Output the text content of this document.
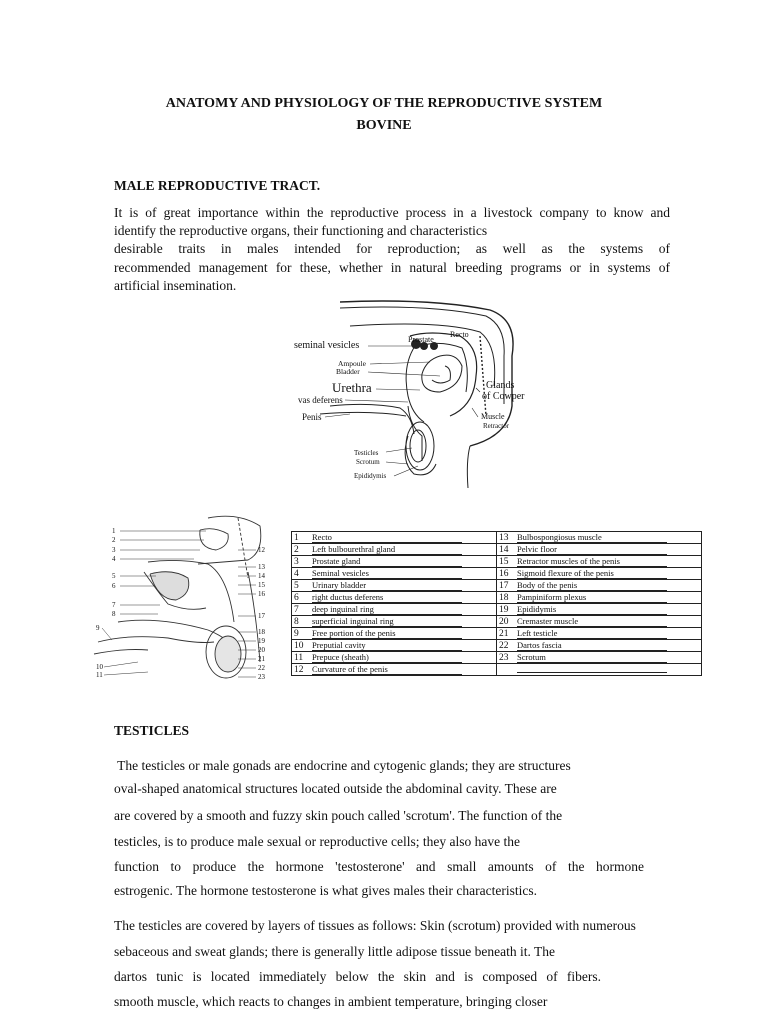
ANATOMY AND PHYSIOLOGY OF THE REPRODUCTIVE SYSTEM
BOVINE
MALE REPRODUCTIVE TRACT.
It is of great importance within the reproductive process in a livestock company to know and
identify the reproductive organs, their functioning and characteristics
desirable traits in males intended for reproduction; as well as the systems of
recommended management for these, whether in natural breeding programs or in systems of
artificial insemination.
seminal vesicles
Prostate
Recto
Ampoule
Bladder
Urethra	Glands
of Cowper
vas deferens
Penis	Muscle
Retractor
Testicles
Scrotum
Epididymis
1
2
3
4
5
6
7
8
9
10
11
12
13
14
15
16
17
18
19
20
21
22
23
1 Recto	13 Bulbospongiosus muscle
2 Left bulbourethral gland	14 Pelvic floor
3 Prostate gland	15 Retractor muscles of the penis
4 Seminal vesicles	16 Sigmoid flexure of the penis
5 Urinary bladder	17 Body of the penis
6 right ductus deferens	18 Pampiniform plexus
7 deep inguinal ring	19 Epididymis
8 superficial inguinal ring	20 Cremaster muscle
9 Free portion of the penis	21 Left testicle
10 Preputial cavity	22 Dartos fascia
11 Prepuce (sheath)	23 Scrotum
12 Curvature of the penis	
TESTICLES
The testicles or male gonads are endocrine and cytogenic glands; they are structures
oval-shaped anatomical structures located outside the abdominal cavity. These are
are covered by a smooth and fuzzy skin pouch called 'scrotum'. The function of the
testicles, is to produce male sexual or reproductive cells; they also have the
function to produce the hormone 'testosterone' and small amounts of the hormone
estrogenic. The hormone testosterone is what gives males their characteristics.
The testicles are covered by layers of tissues as follows: Skin (scrotum) provided with numerous
sebaceous and sweat glands; there is generally little adipose tissue beneath it. The
dartos tunic is located immediately below the skin and is composed of fibers.
smooth muscle, which reacts to changes in ambient temperature, bringing closer
